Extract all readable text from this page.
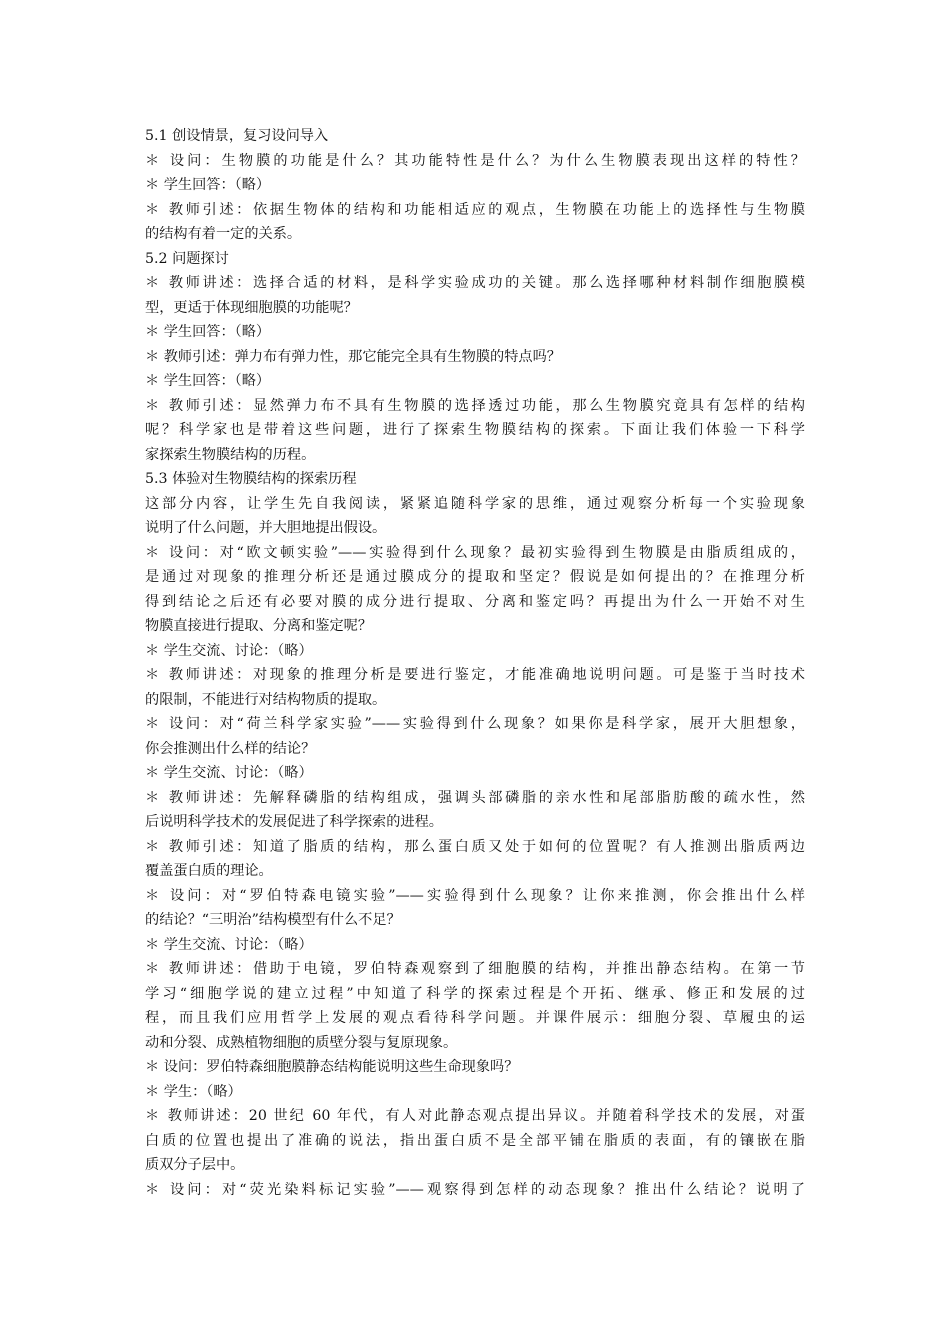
5.1 创设情景，复习设问导入
＊ 设问：生物膜的功能是什么？其功能特性是什么？为什么生物膜表现出这样的特性？
＊ 学生回答：（略）
＊ 教师引述：依据生物体的结构和功能相适应的观点，生物膜在功能上的选择性与生物膜
的结构有着一定的关系。
5.2 问题探讨
＊ 教师讲述：选择合适的材料，是科学实验成功的关键。那么选择哪种材料制作细胞膜模
型，更适于体现细胞膜的功能呢？
＊ 学生回答：（略）
＊ 教师引述：弹力布有弹力性，那它能完全具有生物膜的特点吗？
＊ 学生回答：（略）
＊ 教师引述：显然弹力布不具有生物膜的选择透过功能，那么生物膜究竟具有怎样的结构
呢？科学家也是带着这些问题，进行了探索生物膜结构的探索。下面让我们体验一下科学
家探索生物膜结构的历程。
5.3 体验对生物膜结构的探索历程
这部分内容，让学生先自我阅读，紧紧追随科学家的思维，通过观察分析每一个实验现象
说明了什么问题，并大胆地提出假设。
＊ 设问：对“欧文顿实验”——实验得到什么现象？最初实验得到生物膜是由脂质组成的，
是通过对现象的推理分析还是通过膜成分的提取和坚定？假说是如何提出的？在推理分析
得到结论之后还有必要对膜的成分进行提取、分离和鉴定吗？再提出为什么一开始不对生
物膜直接进行提取、分离和鉴定呢？
＊ 学生交流、讨论：（略）
＊ 教师讲述：对现象的推理分析是要进行鉴定，才能准确地说明问题。可是鉴于当时技术
的限制，不能进行对结构物质的提取。
＊ 设问：对“荷兰科学家实验”——实验得到什么现象？如果你是科学家，展开大胆想象，
你会推测出什么样的结论？
＊ 学生交流、讨论：（略）
＊ 教师讲述：先解释磷脂的结构组成，强调头部磷脂的亲水性和尾部脂肪酸的疏水性，然
后说明科学技术的发展促进了科学探索的进程。
＊ 教师引述：知道了脂质的结构，那么蛋白质又处于如何的位置呢？有人推测出脂质两边
覆盖蛋白质的理论。
＊ 设问：对“罗伯特森电镜实验”——实验得到什么现象？让你来推测，你会推出什么样
的结论？“三明治”结构模型有什么不足？
＊ 学生交流、讨论：（略）
＊ 教师讲述：借助于电镜，罗伯特森观察到了细胞膜的结构，并推出静态结构。在第一节
学习“细胞学说的建立过程”中知道了科学的探索过程是个开拓、继承、修正和发展的过
程，而且我们应用哲学上发展的观点看待科学问题。并课件展示：细胞分裂、草履虫的运
动和分裂、成熟植物细胞的质壁分裂与复原现象。
＊ 设问：罗伯特森细胞膜静态结构能说明这些生命现象吗？
＊ 学生：（略）
＊ 教师讲述：20 世纪 60 年代，有人对此静态观点提出异议。并随着科学技术的发展，对蛋
白质的位置也提出了准确的说法，指出蛋白质不是全部平铺在脂质的表面，有的镶嵌在脂
质双分子层中。
＊ 设问：对“荧光染料标记实验”——观察得到怎样的动态现象？推出什么结论？说明了
